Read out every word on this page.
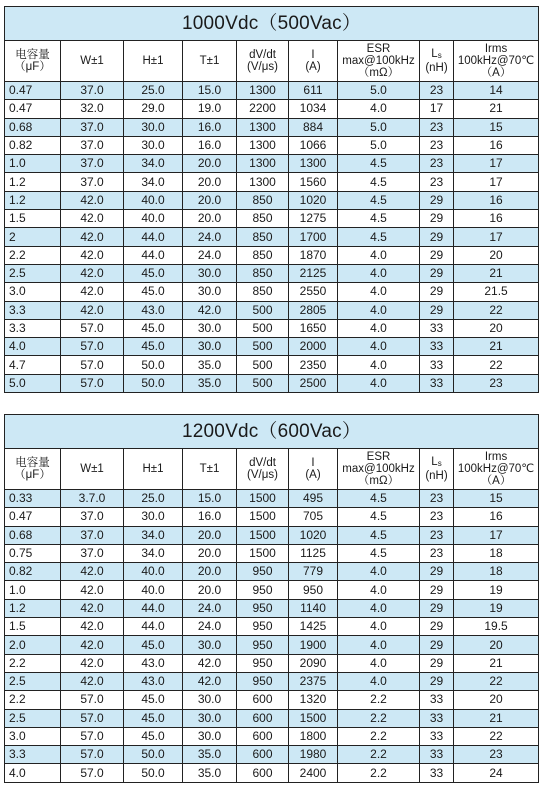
1000Vdc（500Vac）								
电容量
（μF）	W±1	H±1	T±1	dV/dt
(V/μs)	I
(A)	ESR
max@100kHz
（mΩ）	Ls
(nH)	Irms
100kHz@70℃
（A）
0.47	37.0	25.0	15.0	1300	611	5.0	23	14
0.47	32.0	29.0	19.0	2200	1034	4.0	17	21
0.68	37.0	30.0	16.0	1300	884	5.0	23	15
0.82	37.0	30.0	16.0	1300	1066	5.0	23	16
1.0	37.0	34.0	20.0	1300	1300	4.5	23	17
1.2	37.0	34.0	20.0	1300	1560	4.5	23	17
1.2	42.0	40.0	20.0	850	1020	4.5	29	16
1.5	42.0	40.0	20.0	850	1275	4.5	29	16
2	42.0	44.0	24.0	850	1700	4.5	29	17
2.2	42.0	44.0	24.0	850	1870	4.0	29	20
2.5	42.0	45.0	30.0	850	2125	4.0	29	21
3.0	42.0	45.0	30.0	850	2550	4.0	29	21.5
3.3	42.0	43.0	42.0	500	2805	4.0	29	22
3.3	57.0	45.0	30.0	500	1650	4.0	33	20
4.0	57.0	45.0	30.0	500	2000	4.0	33	21
4.7	57.0	50.0	35.0	500	2350	4.0	33	22
5.0	57.0	50.0	35.0	500	2500	4.0	33	23
1200Vdc（600Vac）								
电容量
（μF）	W±1	H±1	T±1	dV/dt
(V/μs)	I
(A)	ESR
max@100kHz
（mΩ）	Ls
(nH)	Irms
100kHz@70℃
（A）
0.33	3.7.0	25.0	15.0	1500	495	4.5	23	15
0.47	37.0	30.0	16.0	1500	705	4.5	23	16
0.68	37.0	34.0	20.0	1500	1020	4.5	23	17
0.75	37.0	34.0	20.0	1500	1125	4.5	23	18
0.82	42.0	40.0	20.0	950	779	4.0	29	18
1.0	42.0	40.0	20.0	950	950	4.0	29	19
1.2	42.0	44.0	24.0	950	1140	4.0	29	19
1.5	42.0	44.0	24.0	950	1425	4.0	29	19.5
2.0	42.0	45.0	30.0	950	1900	4.0	29	20
2.2	42.0	43.0	42.0	950	2090	4.0	29	21
2.5	42.0	43.0	42.0	950	2375	4.0	29	22
2.2	57.0	45.0	30.0	600	1320	2.2	33	20
2.5	57.0	45.0	30.0	600	1500	2.2	33	21
3.0	57.0	45.0	30.0	600	1800	2.2	33	22
3.3	57.0	50.0	35.0	600	1980	2.2	33	23
4.0	57.0	50.0	35.0	600	2400	2.2	33	24
